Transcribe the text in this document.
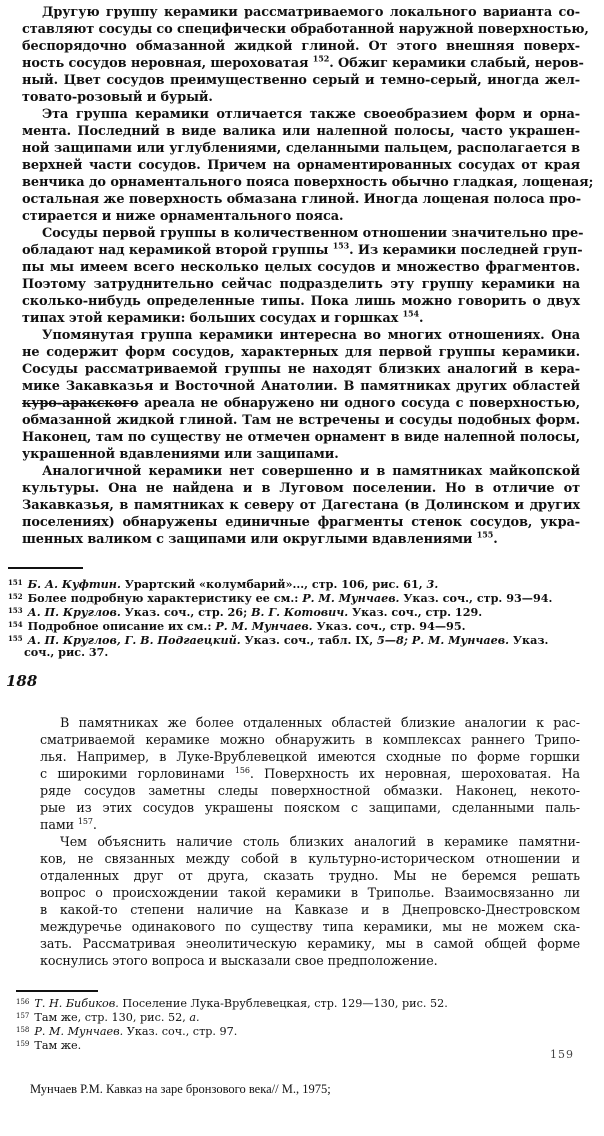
Другую группу керамики рассматриваемого локального варианта со-
ставляют сосуды со специфически обработанной наружной поверхностью,
беспорядочно обмазанной жидкой глиной. От этого внешняя поверх-
ность сосудов неровная, шероховатая $^{152}$. Обжиг керамики слабый, неров-
ный. Цвет сосудов преимущественно серый и темно-серый, иногда жел-
товато-розовый и бурый.
Эта группа керамики отличается также своеобразием форм и орна-
мента. Последний в виде валика или налепной полосы, часто украшен-
ной защипами или углублениями, сделанными пальцем, располагается в
верхней части сосудов. Причем на орнаментированных сосудах от края
венчика до орнаментального пояса поверхность обычно гладкая, лощеная;
остальная же поверхность обмазана глиной. Иногда лощеная полоса про-
стирается и ниже орнаментального пояса.
Сосуды первой группы в количественном отношении значительно пре-
обладают над керамикой второй группы $^{153}$. Из керамики последней груп-
пы мы имеем всего несколько целых сосудов и множество фрагментов.
Поэтому затруднительно сейчас подразделить эту группу керамики на
сколько-нибудь определенные типы. Пока лишь можно говорить о двух
типах этой керамики: больших сосудах и горшках $^{154}$.
Упомянутая группа керамики интересна во многих отношениях. Она
не содержит форм сосудов, характерных для первой группы керамики.
Сосуды рассматриваемой группы не находят близких аналогий в кера-
мике Закавказья и Восточной Анатолии. В памятниках других областей
куро-аракского ареала не обнаружено ни одного сосуда с поверхностью,
обмазанной жидкой глиной. Там не встречены и сосуды подобных форм.
Наконец, там по существу не отмечен орнамент в виде налепной полосы,
украшенной вдавлениями или защипами.
Аналогичной керамики нет совершенно и в памятниках майкопской
культуры. Она не найдена и в Луговом поселении. Но в отличие от
Закавказья, в памятниках к северу от Дагестана (в Долинском и других
поселениях) обнаружены единичные фрагменты стенок сосудов, укра-
шенных валиком с защипами или округлыми вдавлениями $^{155}$.
$^{151}$ Б. А. Куфтин. Урартский «колумбарий»..., стр. 106, рис. 61, 3.
$^{152}$ Более подробную характеристику ее см.: Р. М. Мунчаев. Указ. соч., стр. 93—94.
$^{153}$ А. П. Круглов. Указ. соч., стр. 26; В. Г. Котович. Указ. соч., стр. 129.
$^{154}$ Подробное описание их см.: Р. М. Мунчаев. Указ. соч., стр. 94—95.
$^{155}$ А. П. Круглов, Г. В. Подгаецкий. Указ. соч., табл. IX, 5—8; Р. М. Мунчаев. Указ.
соч., рис. 37.
188
В памятниках же более отдаленных областей близкие аналогии к рас-
сматриваемой керамике можно обнаружить в комплексах раннего Трипо-
лья. Например, в Луке-Врублевецкой имеются сходные по форме горшки
с широкими горловинами $^{156}$. Поверхность их неровная, шероховатая. На
ряде сосудов заметны следы поверхностной обмазки. Наконец, некото-
рые из этих сосудов украшены пояском с защипами, сделанными паль-
пами $^{157}$.
Чем объяснить наличие столь близких аналогий в керамике памятни-
ков, не связанных между собой в культурно-историческом отношении и
отдаленных друг от друга, сказать трудно. Мы не беремся решать
вопрос о происхождении такой керамики в Триполье. Взаимосвязанно ли
в какой-то степени наличие на Кавказе и в Днепровско-Днестровском
междуречье одинакового по существу типа керамики, мы не можем ска-
зать. Рассматривая энеолитическую керамику, мы в самой общей форме
коснулись этого вопроса и высказали свое предположение.
$^{156}$ Т. Н. Бибиков. Поселение Лука-Врублевецкая, стр. 129—130, рис. 52.
$^{157}$ Там же, стр. 130, рис. 52, а.
$^{158}$ Р. М. Мунчаев. Указ. соч., стр. 97.
$^{159}$ Там же.
159
Мунчаев Р.М. Кавказ на заре бронзового века// М., 1975;
